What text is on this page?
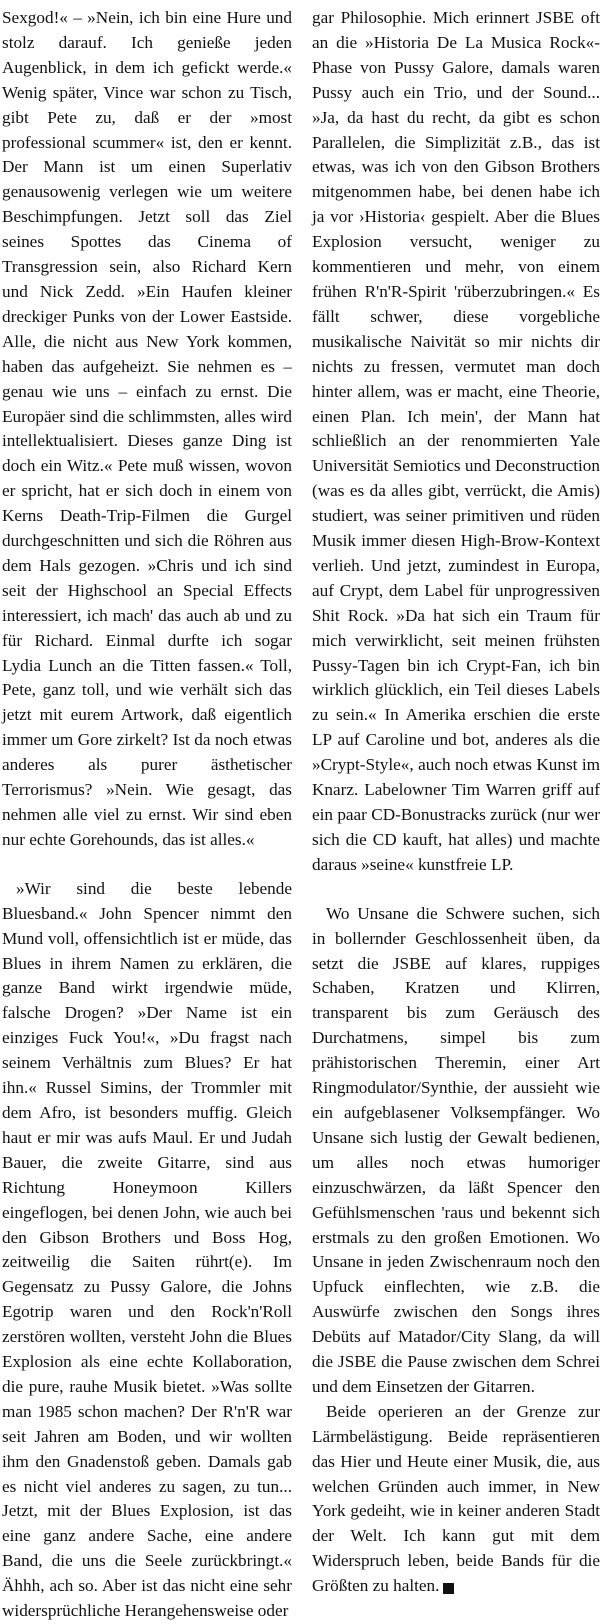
Sexgod!« – »Nein, ich bin eine Hure und stolz darauf. Ich genieße jeden Augenblick, in dem ich gefickt werde.« Wenig später, Vince war schon zu Tisch, gibt Pete zu, daß er der »most professional scummer« ist, den er kennt. Der Mann ist um einen Superlativ genausowenig verlegen wie um weitere Beschimpfungen. Jetzt soll das Ziel seines Spottes das Cinema of Transgression sein, also Richard Kern und Nick Zedd. »Ein Haufen kleiner dreckiger Punks von der Lower Eastside. Alle, die nicht aus New York kommen, haben das aufgeheizt. Sie nehmen es – genau wie uns – einfach zu ernst. Die Europäer sind die schlimmsten, alles wird intellektualisiert. Dieses ganze Ding ist doch ein Witz.« Pete muß wissen, wovon er spricht, hat er sich doch in einem von Kerns Death-Trip-Filmen die Gurgel durchgeschnitten und sich die Röhren aus dem Hals gezogen. »Chris und ich sind seit der Highschool an Special Effects interessiert, ich mach' das auch ab und zu für Richard. Einmal durfte ich sogar Lydia Lunch an die Titten fassen.« Toll, Pete, ganz toll, und wie verhält sich das jetzt mit eurem Artwork, daß eigentlich immer um Gore zirkelt? Ist da noch etwas anderes als purer ästhetischer Terrorismus? »Nein. Wie gesagt, das nehmen alle viel zu ernst. Wir sind eben nur echte Gorehounds, das ist alles.«

»Wir sind die beste lebende Bluesband.« John Spencer nimmt den Mund voll, offensichtlich ist er müde, das Blues in ihrem Namen zu erklären, die ganze Band wirkt irgendwie müde, falsche Drogen? »Der Name ist ein einziges Fuck You!«, »Du fragst nach seinem Verhältnis zum Blues? Er hat ihn.« Russel Simins, der Trommler mit dem Afro, ist besonders muffig. Gleich haut er mir was aufs Maul. Er und Judah Bauer, die zweite Gitarre, sind aus Richtung Honeymoon Killers eingeflogen, bei denen John, wie auch bei den Gibson Brothers und Boss Hog, zeitweilig die Saiten rührt(e). Im Gegensatz zu Pussy Galore, die Johns Egotrip waren und den Rock'n'Roll zerstören wollten, versteht John die Blues Explosion als eine echte Kollaboration, die pure, rauhe Musik bietet. »Was sollte man 1985 schon machen? Der R'n'R war seit Jahren am Boden, und wir wollten ihm den Gnadenstoß geben. Damals gab es nicht viel anderes zu sagen, zu tun... Jetzt, mit der Blues Explosion, ist das eine ganz andere Sache, eine andere Band, die uns die Seele zurückbringt.« Ähhh, ach so. Aber ist das nicht eine sehr widersprüchliche Herangehensweise oder

gar Philosophie. Mich erinnert JSBE oft an die »Historia De La Musica Rock«-Phase von Pussy Galore, damals waren Pussy auch ein Trio, und der Sound... »Ja, da hast du recht, da gibt es schon Parallelen, die Simplizität z.B., das ist etwas, was ich von den Gibson Brothers mitgenommen habe, bei denen habe ich ja vor ›Historia‹ gespielt. Aber die Blues Explosion versucht, weniger zu kommentieren und mehr, von einem frühen R'n'R-Spirit 'rüberzubringen.« Es fällt schwer, diese vorgebliche musikalische Naivität so mir nichts dir nichts zu fressen, vermutet man doch hinter allem, was er macht, eine Theorie, einen Plan. Ich mein', der Mann hat schließlich an der renommierten Yale Universität Semiotics und Deconstruction (was es da alles gibt, verrückt, die Amis) studiert, was seiner primitiven und rüden Musik immer diesen High-Brow-Kontext verlieh. Und jetzt, zumindest in Europa, auf Crypt, dem Label für unprogressiven Shit Rock. »Da hat sich ein Traum für mich verwirklicht, seit meinen frühsten Pussy-Tagen bin ich Crypt-Fan, ich bin wirklich glücklich, ein Teil dieses Labels zu sein.« In Amerika erschien die erste LP auf Caroline und bot, anderes als die »Crypt-Style«, auch noch etwas Kunst im Knarz. Labelowner Tim Warren griff auf ein paar CD-Bonustracks zurück (nur wer sich die CD kauft, hat alles) und machte daraus »seine« kunstfreie LP.

Wo Unsane die Schwere suchen, sich in bollernder Geschlossenheit üben, da setzt die JSBE auf klares, ruppiges Schaben, Kratzen und Klirren, transparent bis zum Geräusch des Durchatmens, simpel bis zum prähistorischen Theremin, einer Art Ringmodulator/Synthie, der aussieht wie ein aufgeblasener Volksempfänger. Wo Unsane sich lustig der Gewalt bedienen, um alles noch etwas humoriger einzuschwärzen, da läßt Spencer den Gefühlsmenschen 'raus und bekennt sich erstmals zu den großen Emotionen. Wo Unsane in jeden Zwischenraum noch den Upfuck einflechten, wie z.B. die Auswürfe zwischen den Songs ihres Debüts auf Matador/City Slang, da will die JSBE die Pause zwischen dem Schrei und dem Einsetzen der Gitarren.

Beide operieren an der Grenze zur Lärmbelästigung. Beide repräsentieren das Hier und Heute einer Musik, die, aus welchen Gründen auch immer, in New York gedeiht, wie in keiner anderen Stadt der Welt. Ich kann gut mit dem Widerspruch leben, beide Bands für die Größten zu halten. ✕
